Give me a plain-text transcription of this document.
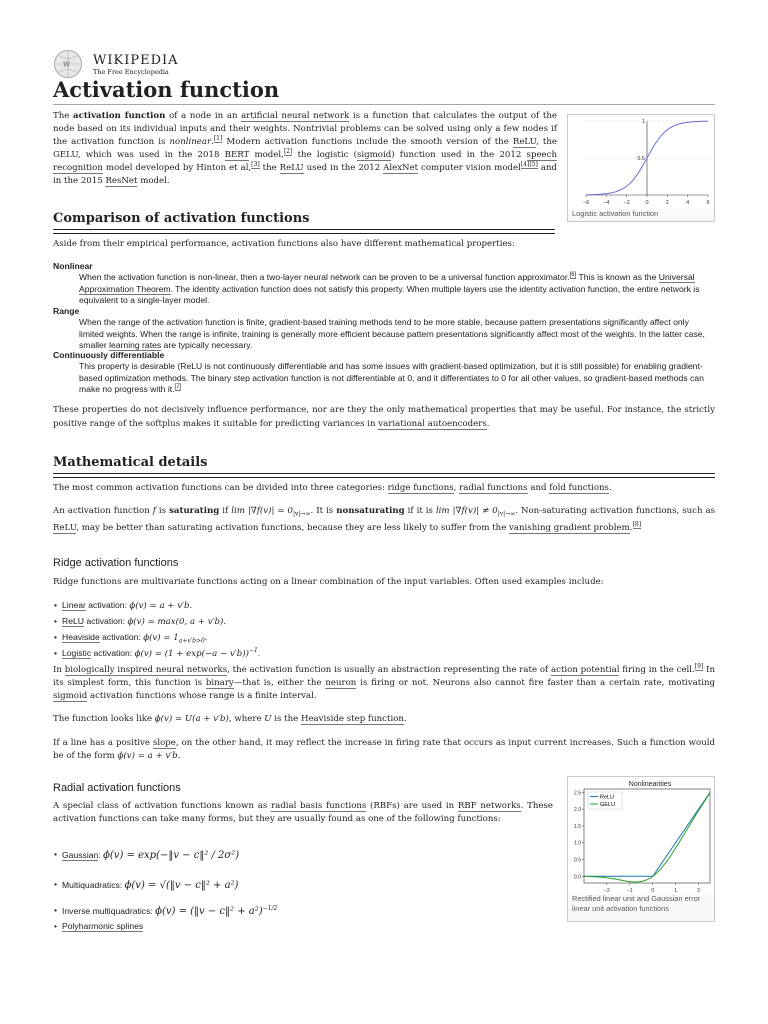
W WIKIPEDIA
The Free Encyclopedia
Activation function
−6	−4	−2	0	2	4	6
1
0.5
Logistic activation function

The activation function of a node in an artificial neural network is a function that calculates the output of the node based on its individual inputs and their weights. Nontrivial problems can be solved using only a few nodes if the activation function is nonlinear.[1] Modern activation functions include the smooth version of the ReLU, the GELU, which was used in the 2018 BERT model,[2] the logistic (sigmoid) function used in the 2012 speech recognition model developed by Hinton et al,[3] the ReLU used in the 2012 AlexNet computer vision model[4][5] and in the 2015 ResNet model.

Comparison of activation functions

Aside from their empirical performance, activation functions also have different mathematical properties:

Nonlinear
When the activation function is non-linear, then a two-layer neural network can be proven to be a universal function approximator.[6] This is known as the Universal Approximation Theorem. The identity activation function does not satisfy this property. When multiple layers use the identity activation function, the entire network is equivalent to a single-layer model.
Range
When the range of the activation function is finite, gradient-based training methods tend to be more stable, because pattern presentations significantly affect only limited weights. When the range is infinite, training is generally more efficient because pattern presentations significantly affect most of the weights. In the latter case, smaller learning rates are typically necessary.
Continuously differentiable
This property is desirable (ReLU is not continuously differentiable and has some issues with gradient-based optimization, but it is still possible) for enabling gradient-based optimization methods. The binary step activation function is not differentiable at 0, and it differentiates to 0 for all other values, so gradient-based methods can make no progress with it.[7]

These properties do not decisively influence performance, nor are they the only mathematical properties that may be useful. For instance, the strictly positive range of the softplus makes it suitable for predicting variances in variational autoencoders.

Mathematical details

The most common activation functions can be divided into three categories: ridge functions, radial functions and fold functions.

An activation function f is saturating if $\lim |\nabla f(v)| = 0_{|v|\to\infty}$. It is nonsaturating if it is $\lim |\nabla f(v)| \ne 0_{|v|\to\infty}$. Non-saturating activation functions, such as ReLU, may be better than saturating activation functions, because they are less likely to suffer from the vanishing gradient problem.[8]

Ridge activation functions

Ridge functions are multivariate functions acting on a linear combination of the input variables. Often used examples include:

• Linear activation: ϕ(v) = a + v′b.
• ReLU activation: ϕ(v) = max(0, a + v′b).
• Heaviside activation: $\phi(v) = 1_{a+v'b>0}$.
• Logistic activation: $\phi(v) = (1 + \exp(-a - v'b))^{-1}$.

In biologically inspired neural networks, the activation function is usually an abstraction representing the rate of action potential firing in the cell.[9] In its simplest form, this function is binary—that is, either the neuron is firing or not. Neurons also cannot fire faster than a certain rate, motivating sigmoid activation functions whose range is a finite interval.

The function looks like ϕ(v) = U(a + v′b), where U is the Heaviside step function.

If a line has a positive slope, on the other hand, it may reflect the increase in firing rate that occurs as input current increases. Such a function would be of the form ϕ(v) = a + v′b.

Radial activation functions

A special class of activation functions known as radial basis functions (RBFs) are used in RBF networks. These activation functions can take many forms, but they are usually found as one of the following functions:

• Gaussian: ϕ(v) = exp(−‖v − c‖² / 2σ²)
• Multiquadratics: ϕ(v) = √(‖v − c‖² + a²)
• Inverse multiquadratics: ϕ(v) = (‖v − c‖² + a²)$^{-1/2}$
• Polyharmonic splines
Nonlinearities
2.5
2.0
1.5
1.0
0.5
0.0
−2	−1	0	1	2
ReLU
GELU
Rectified linear unit and Gaussian error linear unit activation functions
